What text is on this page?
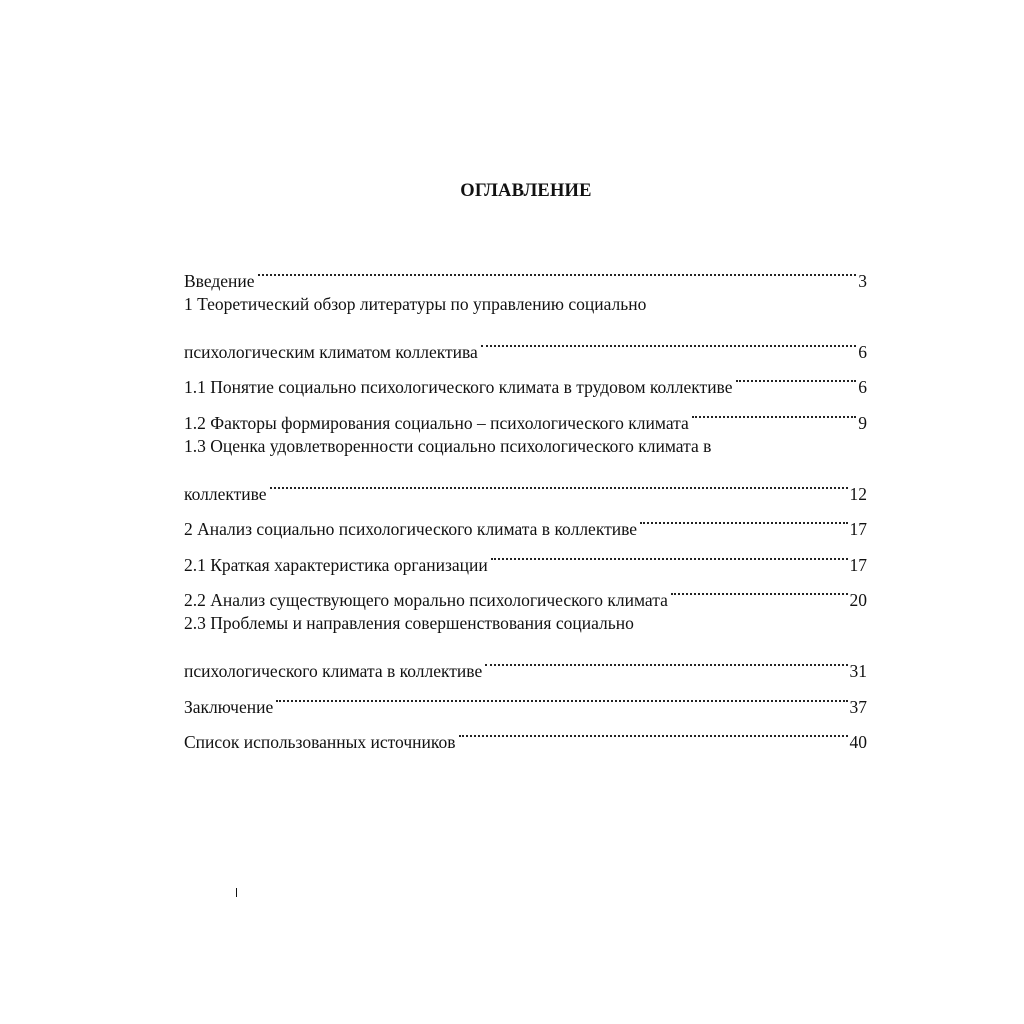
ОГЛАВЛЕНИЕ
Введение	3
1 Теоретический обзор литературы по управлению социально
психологическим климатом коллектива	6
1.1 Понятие социально психологического климата в трудовом коллективе	6
1.2 Факторы формирования социально – психологического климата	9
1.3 Оценка удовлетворенности социально психологического климата в
коллективе	12
2 Анализ социально психологического климата в коллективе	17
2.1 Краткая характеристика организации	17
2.2 Анализ существующего морально психологического климата	20
2.3 Проблемы и направления совершенствования социально
психологического климата в коллективе	31
Заключение	37
Список использованных источников	40
